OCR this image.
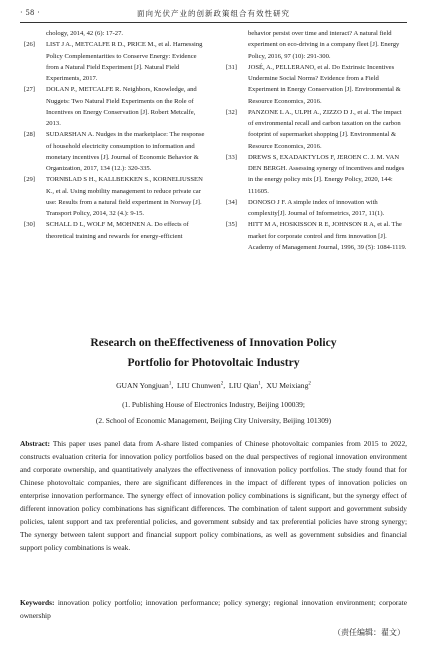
· 58 ·	面向光伏产业的创新政策组合有效性研究

chology, 2014, 42 (6): 17-27.

[26] LIST J A., METCALFE R D., PRICE M., et al. Harnessing Policy Complementarities to Conserve Energy: Evidence from a Natural Field Experiment [J]. Natural Field Experiments, 2017.

[27] DOLAN P., METCALFE R. Neighbors, Knowledge, and Nuggets: Two Natural Field Experiments on the Role of Incentives on Energy Conservation [J]. Robert Metcalfe, 2013.

[28] SUDARSHAN A. Nudges in the marketplace: The response of household electricity consumption to information and monetary incentives [J]. Journal of Economic Behavior & Organization, 2017, 134 (12.): 320-335.

[29] TORNBLAD S H., KALLBEKKEN S., KORNELIUSSEN K., et al. Using mobility management to reduce private car use: Results from a natural field experiment in Norway [J]. Transport Policy, 2014, 32 (4.): 9-15.

[30] SCHALL D L, WOLF M, MOHNEN A. Do effects of theoretical training and rewards for energy-efficient

behavior persist over time and interact? A natural field experiment on eco-driving in a company fleet [J]. Energy Policy, 2016, 97 (10): 291-300.

[31] JOSÉ, A., PELLERANO, et al. Do Extrinsic Incentives Undermine Social Norms? Evidence from a Field Experiment in Energy Conservation [J]. Environmental & Resource Economics, 2016.

[32] PANZONE L A., ULPH A., ZIZZO D J., et al. The impact of environmental recall and carbon taxation on the carbon footprint of supermarket shopping [J]. Environmental & Resource Economics, 2016.

[33] DREWS S, EXADAKTYLOS F, JEROEN C. J. M. VAN DEN BERGH. Assessing synergy of incentives and nudges in the energy policy mix [J]. Energy Policy, 2020, 144: 111605.

[34] DONOSO J F. A simple index of innovation with complexity[J]. Journal of Informetrics, 2017, 11(1).

[35] HITT M A, HOSKISSON R E, JOHNSON R A, et al. The market for corporate control and firm innovation [J]. Academy of Management Journal, 1996, 39 (5): 1084-1119.

Research on theEffectiveness of Innovation Policy
Portfolio for Photovoltaic Industry
GUAN Yongjuan$^1$,  LIU Chunwen$^2$,  LIU Qian$^1$,  XU Meixiang$^2$
(1. Publishing House of Electronics Industry, Beijing 100039;
(2. School of Economic Management, Beijing City University, Beijing 101309)

Abstract: This paper uses panel data from A-share listed companies of Chinese photovoltaic companies from 2015 to 2022, constructs evaluation criteria for innovation policy portfolios based on the dual perspectives of regional innovation environment and corporate ownership, and quantitatively analyzes the effectiveness of innovation policy portfolios. The study found that for Chinese photovoltaic companies, there are significant differences in the impact of different types of innovation policies on enterprise innovation performance. The synergy effect of innovation policy combinations is significant, but the synergy effect of different innovation policy combinations has significant differences. The combination of talent support and government subsidy policies, talent support and tax preferential policies, and government subsidy and tax preferential policies have strong synergy; The synergy between talent support and financial support policy combinations, as well as government subsidies and financial support policy combinations is weak.

Keywords: innovation policy portfolio; innovation performance; policy synergy; regional innovation environment; corporate ownership

（责任编辑：翟文）
